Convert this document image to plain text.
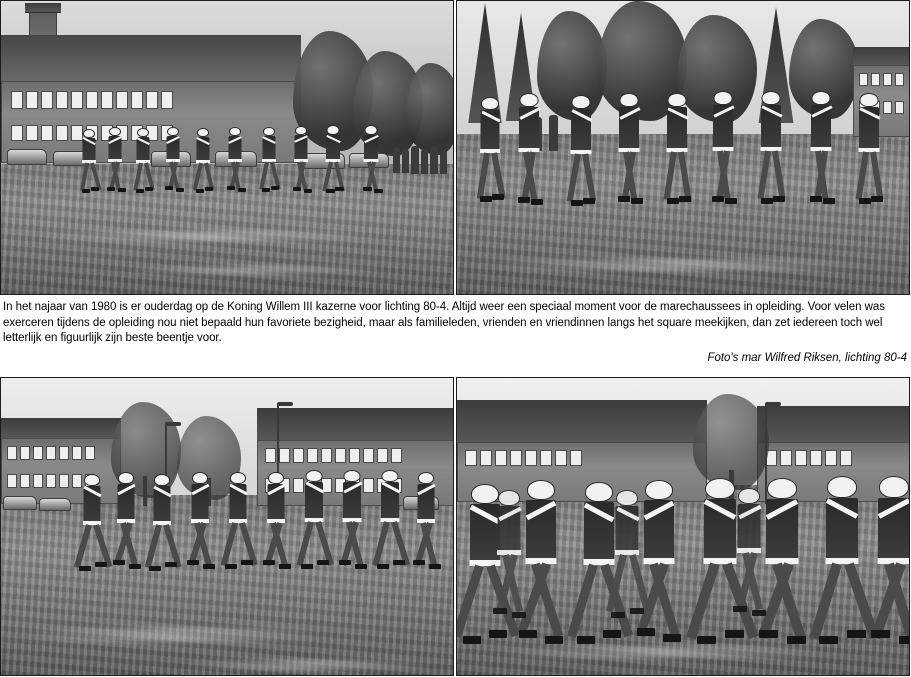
In het najaar van 1980 is er ouderdag op de Koning Willem III kazerne voor lichting 80-4. Altijd weer een speciaal moment voor de marechaussees in opleiding. Voor velen was exerceren tijdens de opleiding nou niet bepaald hun favoriete bezigheid, maar als familieleden, vrienden en vriendinnen langs het square meekijken, dan zet iedereen toch wel letterlijk en figuurlijk zijn beste beentje voor.

Foto's mar Wilfred Riksen, lichting 80-4
